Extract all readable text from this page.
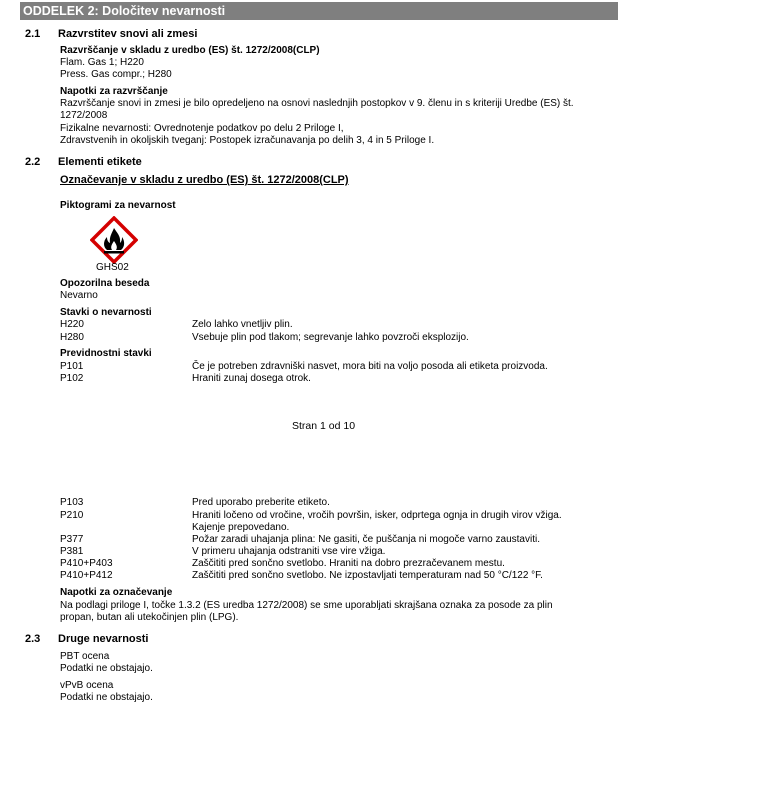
ODDELEK 2: Določitev nevarnosti
2.1 Razvrstitev snovi ali zmesi
Razvrščanje v skladu z uredbo (ES) št. 1272/2008(CLP)
Flam. Gas 1; H220
Press. Gas compr.; H280
Napotki za razvrščanje
Razvrščanje snovi in zmesi je bilo opredeljeno na osnovi naslednjih postopkov v 9. členu in s kriteriji Uredbe (ES) št.
1272/2008
Fizikalne nevarnosti: Ovrednotenje podatkov po delu 2 Priloge I,
Zdravstvenih in okoljskih tveganj: Postopek izračunavanja po delih 3, 4 in 5 Priloge I.
2.2 Elementi etikete
Označevanje v skladu z uredbo (ES) št. 1272/2008(CLP)
Piktogrami za nevarnost
GHS02
Opozorilna beseda
Nevarno
Stavki o nevarnosti
H220	Zelo lahko vnetljiv plin.
H280	Vsebuje plin pod tlakom; segrevanje lahko povzroči eksplozijo.
Previdnostni stavki
P101	Če je potreben zdravniški nasvet, mora biti na voljo posoda ali etiketa proizvoda.
P102	Hraniti zunaj dosega otrok.
Stran 1 od 10
P103	Pred uporabo preberite etiketo.
P210	Hraniti ločeno od vročine, vročih površin, isker, odprtega ognja in drugih virov vžiga.
Kajenje prepovedano.
P377	Požar zaradi uhajanja plina: Ne gasiti, če puščanja ni mogoče varno zaustaviti.
P381	V primeru uhajanja odstraniti vse vire vžiga.
P410+P403	Zaščititi pred sončno svetlobo. Hraniti na dobro prezračevanem mestu.
P410+P412	Zaščititi pred sončno svetlobo. Ne izpostavljati temperaturam nad 50 °C/122 °F.
Napotki za označevanje
Na podlagi priloge I, točke 1.3.2 (ES uredba 1272/2008) se sme uporabljati skrajšana oznaka za posode za plin
propan, butan ali utekočinjen plin (LPG).
2.3 Druge nevarnosti
PBT ocena
Podatki ne obstajajo.
vPvB ocena
Podatki ne obstajajo.
